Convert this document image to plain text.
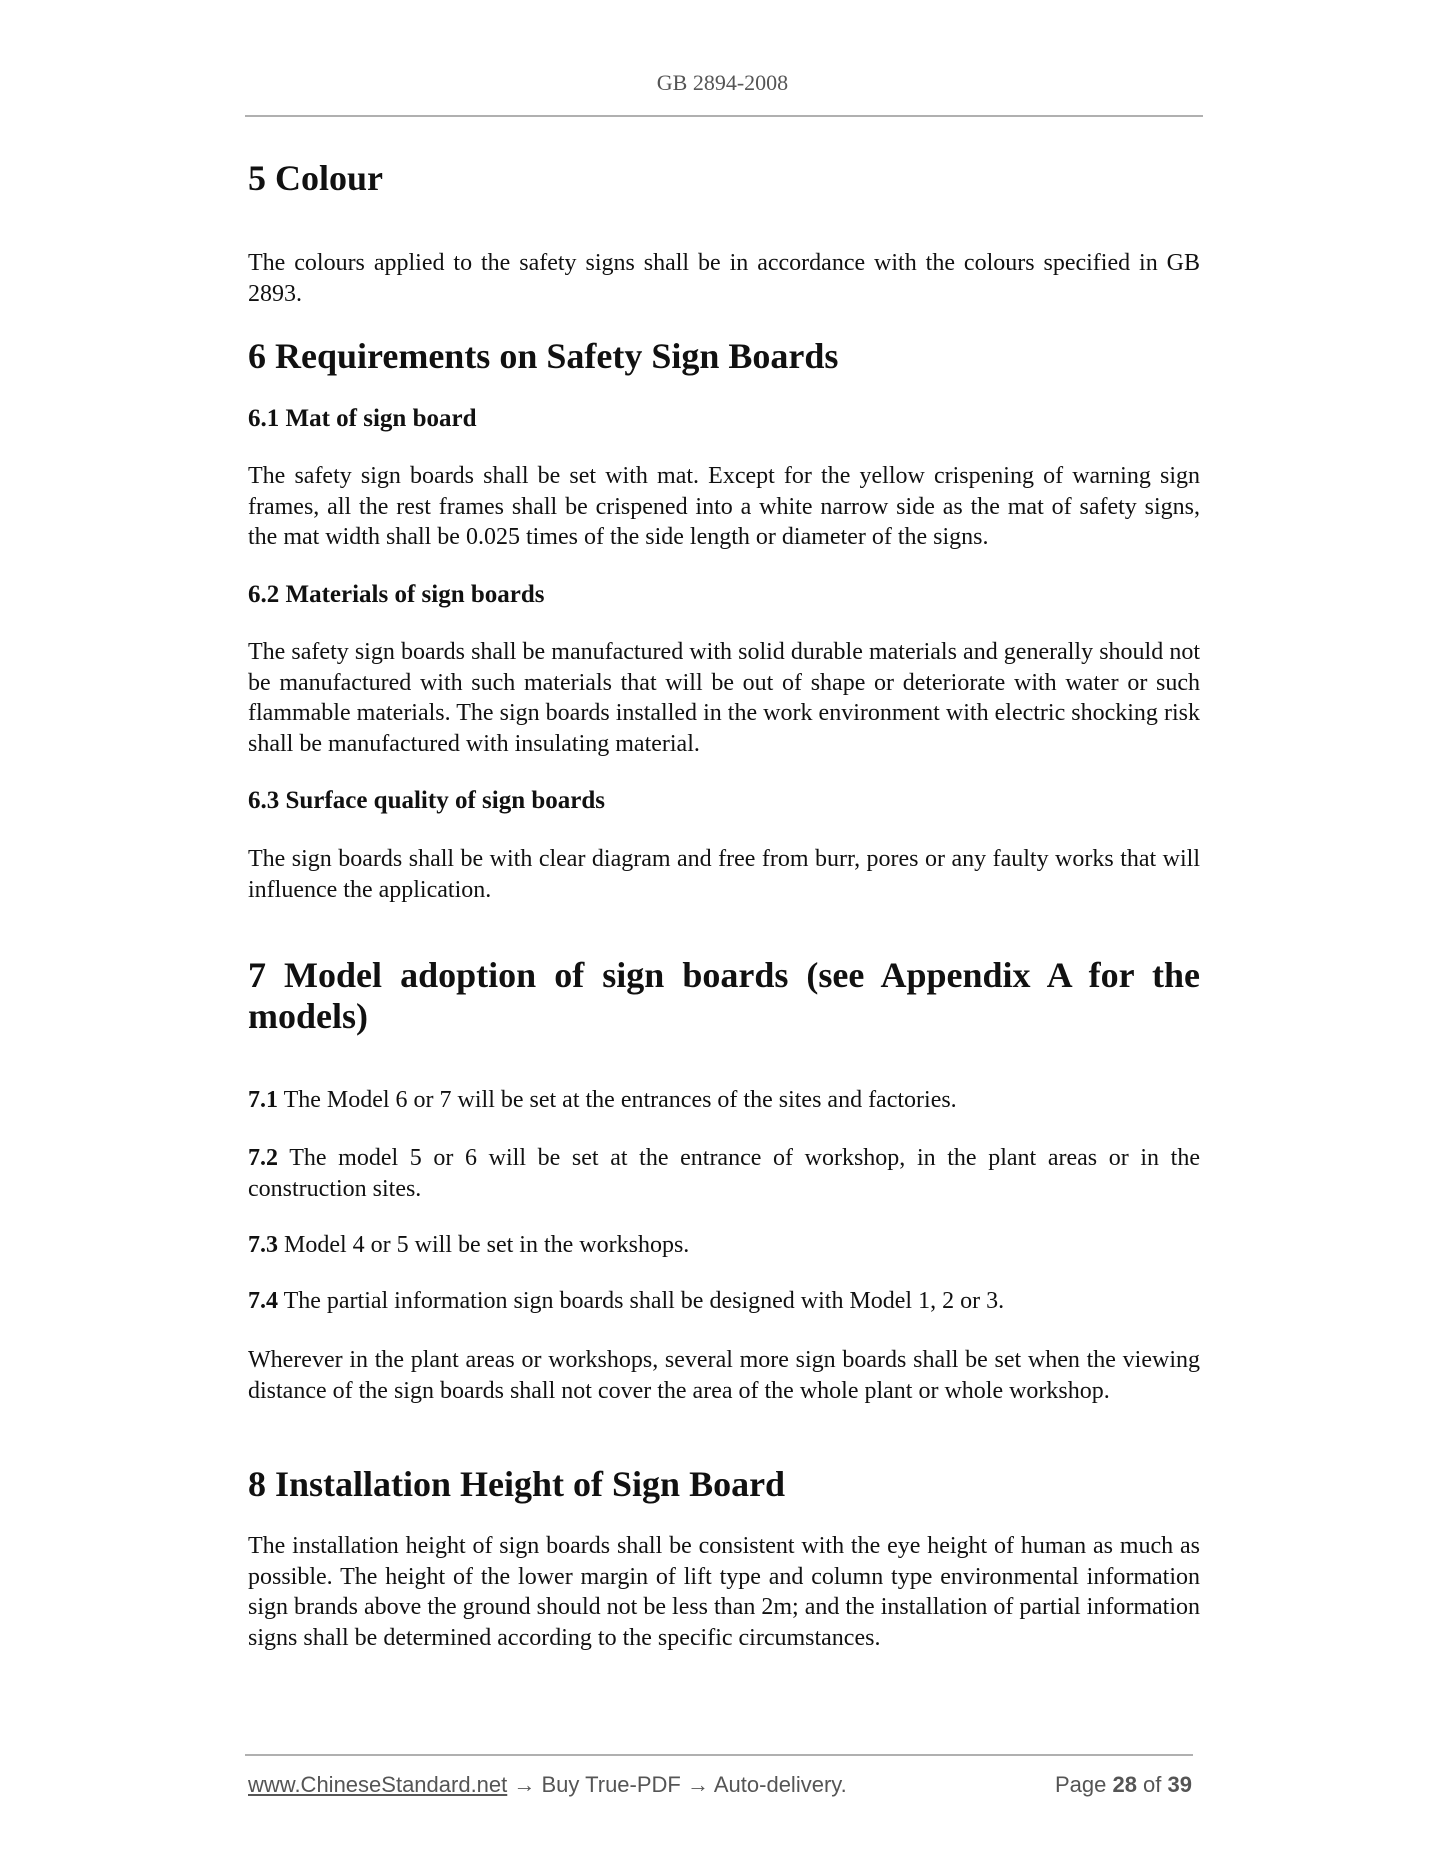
GB 2894-2008
5 Colour
The colours applied to the safety signs shall be in accordance with the colours specified in GB 2893.
6 Requirements on Safety Sign Boards
6.1 Mat of sign board
The safety sign boards shall be set with mat. Except for the yellow crispening of warning sign frames, all the rest frames shall be crispened into a white narrow side as the mat of safety signs, the mat width shall be 0.025 times of the side length or diameter of the signs.
6.2 Materials of sign boards
The safety sign boards shall be manufactured with solid durable materials and generally should not be manufactured with such materials that will be out of shape or deteriorate with water or such flammable materials. The sign boards installed in the work environment with electric shocking risk shall be manufactured with insulating material.
6.3 Surface quality of sign boards
The sign boards shall be with clear diagram and free from burr, pores or any faulty works that will influence the application.
7 Model adoption of sign boards (see Appendix A for the models)
7.1 The Model 6 or 7 will be set at the entrances of the sites and factories.
7.2 The model 5 or 6 will be set at the entrance of workshop, in the plant areas or in the construction sites.
7.3 Model 4 or 5 will be set in the workshops.
7.4 The partial information sign boards shall be designed with Model 1, 2 or 3.
Wherever in the plant areas or workshops, several more sign boards shall be set when the viewing distance of the sign boards shall not cover the area of the whole plant or whole workshop.
8 Installation Height of Sign Board
The installation height of sign boards shall be consistent with the eye height of human as much as possible. The height of the lower margin of lift type and column type environmental information sign brands above the ground should not be less than 2m; and the installation of partial information signs shall be determined according to the specific circumstances.
www.ChineseStandard.net → Buy True-PDF → Auto-delivery.	Page 28 of 39
